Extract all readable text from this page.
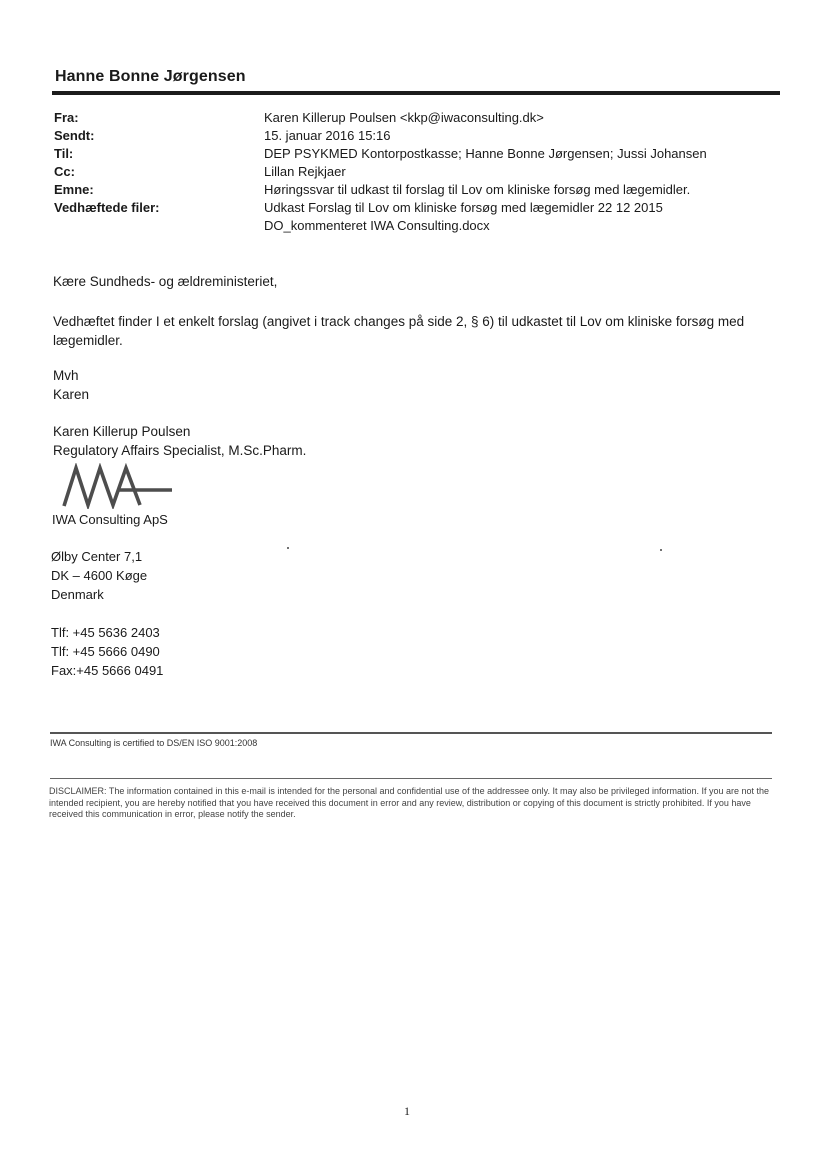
Hanne Bonne Jørgensen
Fra:	Karen Killerup Poulsen <kkp@iwaconsulting.dk>
Sendt:	15. januar 2016 15:16
Til:	DEP PSYKMED Kontorpostkasse; Hanne Bonne Jørgensen; Jussi Johansen
Cc:	Lillan Rejkjaer
Emne:	Høringssvar til udkast til forslag til Lov om kliniske forsøg med lægemidler.
Vedhæftede filer:	Udkast Forslag til Lov om kliniske forsøg med lægemidler 22 12 2015
DO_kommenteret IWA Consulting.docx
Kære Sundheds- og ældreministeriet,
Vedhæftet finder I et enkelt forslag (angivet i track changes på side 2, § 6) til udkastet til Lov om kliniske forsøg med lægemidler.
Mvh
Karen
Karen Killerup Poulsen
Regulatory Affairs Specialist, M.Sc.Pharm.
IWA Consulting ApS
Ølby Center 7,1
DK – 4600 Køge
Denmark
Tlf: +45 5636 2403
Tlf: +45 5666 0490
Fax:+45 5666 0491
IWA Consulting is certified to DS/EN ISO 9001:2008
DISCLAIMER: The information contained in this e-mail is intended for the personal and confidential use of the addressee only. It may also be privileged information. If you are not the intended recipient, you are hereby notified that you have received this document in error and any review, distribution or copying of this document is strictly prohibited. If you have received this communication in error, please notify the sender.
1
